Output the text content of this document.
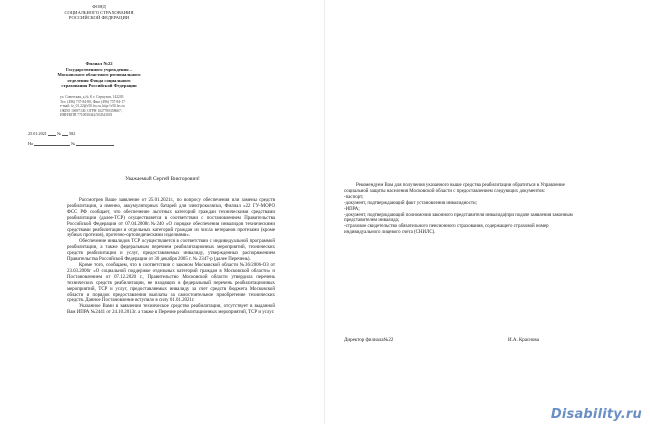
ФОНД
СОЦИАЛЬНОГО СТРАХОВАНИЯ
РОССИЙСКОЙ ФЕДЕРАЦИИ
Филиал №22
Государственного учреждения –
Московского областного регионального
отделения Фонда социального
страхования Российской Федерации
ул. Советская, д.№ 8, г. Серпухов, 142203
Тел. (496) 737-84-80, Факс (496) 737-84-17
e-mail: fz_01.22@r50.fss.ru, http://r50.fss.ru
ОКПО 10697149, ОГРН 1027700358667;
ИНН/КПП 7710030442/504343001
25.01.2021 № 582
На	№
Уважаемый Сергей Викторович!

Рассмотрев Ваше заявление от 25.01.2021г., по вопросу обеспечения или замены средств реабилитации, а именно, аккумуляторных батарей для электроколяски, Филиал «22 ГУ-МОРО ФСС РФ сообщает, что обеспечение льготных категорий граждан техническими средствами реабилитации (далее-ТСР) осуществляется в соответствии с постановлением Правительства Российской Федерации от 07.04.2008г.№240 «О порядке обеспечения инвалидов техническими средствами реабилитации и отдельных категорий граждан из числа ветеранов протезами (кроме зубных протезов), протезно-ортопедическими изделиями».

Обеспечение инвалидов ТСР осуществляется в соответствии с индивидуальной программой реабилитации, а также федеральным перечнем реабилитационных мероприятий, технических средств реабилитации и услуг, предоставляемых инвалиду, утвержденных распоряжением Правительства Российской Федерации от 30 декабря 2005 г. № 2347-р (далее Перечень).

Кроме того, сообщаем, что в соответствии с законом Московской области №36/2006-ОЗ от 23.03.2006г «О социальной поддержке отдельных категорий граждан в Московской области» и Постановлением от 07.12.2020 г., Правительство Московской области утвердила перечень технических средств реабилитации, не входящих в федеральный перечень реабилитационных мероприятий, ТСР и услуг, предоставляемых инвалиду за счет средств бюджета Московской области и порядок предоставления выплаты за самостоятельное приобретение технических средств. Данное Постановление вступило в силу 01.01.2021г.

Указанное Вами в заявлении техническое средство реабилитации, отсутствует в выданной Вам ИПРА №2441 от 24.10.2013г. а также в Перечне реабилитационных мероприятий, ТСР и услуг.

Рекомендуем Вам для получения указанного выше средства реабилитации обратиться в Управление социальной защиты населения Московской области с предоставлением следующих документов:

-паспорт;

-документ, подтверждающий факт установления инвалидности;

-ИПРА;

-документ, подтверждающий полномочия законного представителя инвалида(при подаче заявления законным представителем инвалида;

-страховое свидетельство обязательного пенсионного страхования, содержащего страховой номер индивидуального лицевого счета (СНИЛС).

Директор филиала№22	И.А. Краснова
Disability.ru
